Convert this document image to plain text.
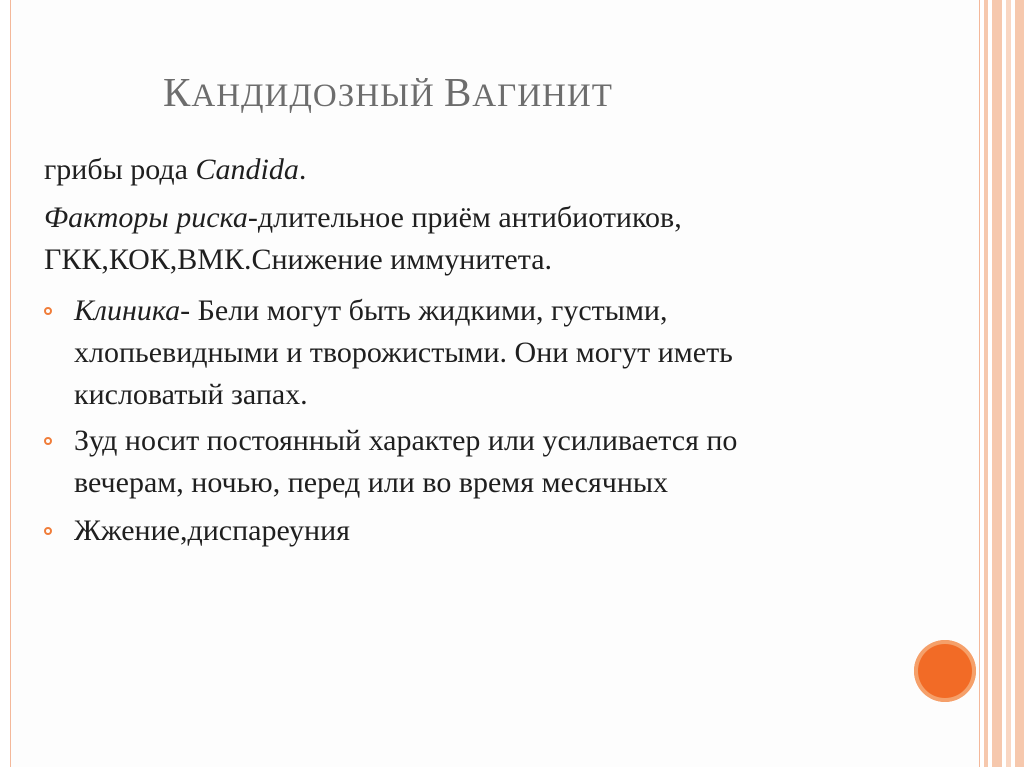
КАНДИДОЗНЫЙ ВАГИНИТ
грибы рода Candida.
Факторы риска-длительное приём антибиотиков,
ГКК,КОК,ВМК.Снижение иммунитета.
Клиника- Бели могут быть жидкими, густыми,
хлопьевидными и творожистыми. Они могут иметь
кисловатый запах.
Зуд носит постоянный характер или усиливается по
вечерам, ночью, перед или во время месячных
Жжение,диспареуния
